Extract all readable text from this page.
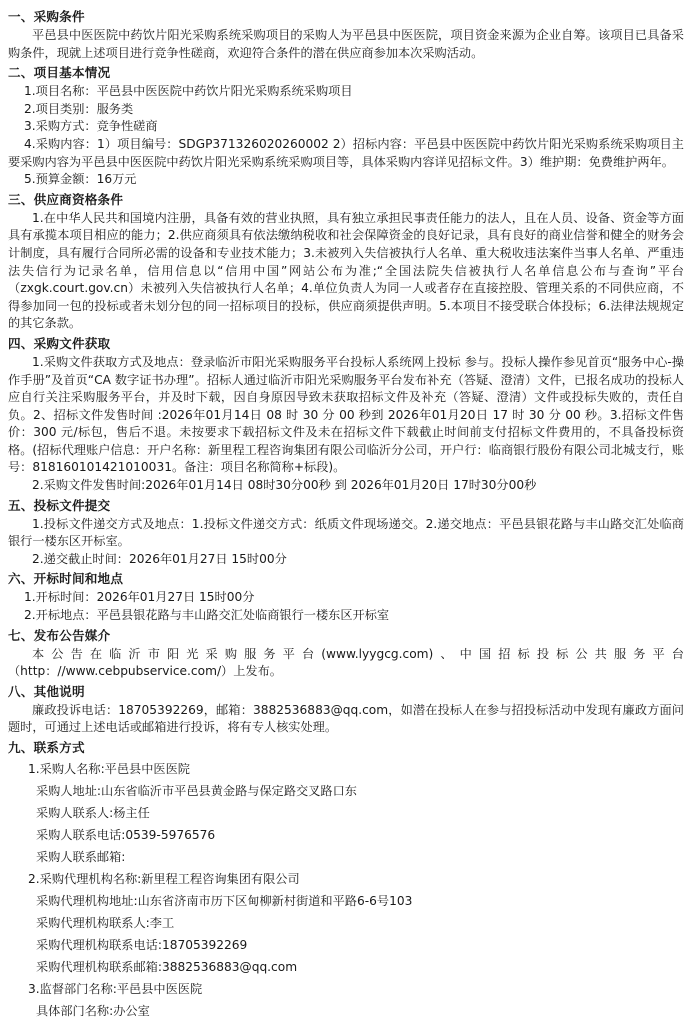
一、采购条件

平邑县中医医院中药饮片阳光采购系统采购项目的采购人为平邑县中医医院，项目资金来源为企业自筹。该项目已具备采购条件，现就上述项目进行竞争性磋商，欢迎符合条件的潜在供应商参加本次采购活动。

二、项目基本情况

1.项目名称：平邑县中医医院中药饮片阳光采购系统采购项目

2.项目类别：服务类

3.采购方式：竞争性磋商

4.采购内容：1）项目编号：SDGP371326020260002 2）招标内容：平邑县中医医院中药饮片阳光采购系统采购项目主要采购内容为平邑县中医医院中药饮片阳光采购系统采购项目等，具体采购内容详见招标文件。3）维护期：免费维护两年。

5.预算金额：16万元

三、供应商资格条件

1.在中华人民共和国境内注册，具备有效的营业执照，具有独立承担民事责任能力的法人，且在人员、设备、资金等方面具有承揽本项目相应的能力；2.供应商须具有依法缴纳税收和社会保障资金的良好记录，具有良好的商业信誉和健全的财务会计制度，具有履行合同所必需的设备和专业技术能力；3.未被列入失信被执行人名单、重大税收违法案件当事人名单、严重违法失信行为记录名单，信用信息以“信用中国”网站公布为准;“全国法院失信被执行人名单信息公布与查询”平台（zxgk.court.gov.cn）未被列入失信被执行人名单；4.单位负责人为同一人或者存在直接控股、管理关系的不同供应商，不得参加同一包的投标或者未划分包的同一招标项目的投标，供应商须提供声明。5.本项目不接受联合体投标；6.法律法规规定的其它条款。

四、采购文件获取

1.采购文件获取方式及地点：登录临沂市阳光采购服务平台投标人系统网上投标 参与。投标人操作参见首页“服务中心-操作手册”及首页“CA 数字证书办理”。招标人通过临沂市阳光采购服务平台发布补充（答疑、澄清）文件，已报名成功的投标人应自行关注采购服务平台，并及时下载，因自身原因导致未获取招标文件及补充（答疑、澄清）文件或投标失败的，责任自负。2、招标文件发售时间 :2026年01月14日 08 时 30 分 00 秒到 2026年01月20日 17 时 30 分 00 秒。3.招标文件售价：300 元/标包，售后不退。未按要求下载招标文件及未在招标文件下载截止时间前支付招标文件费用的，不具备投标资格。(招标代理账户信息：开户名称：新里程工程咨询集团有限公司临沂分公司，开户行：临商银行股份有限公司北城支行，账号：818160101421010031。备注：项目名称简称+标段)。

2.采购文件发售时间:2026年01月14日 08时30分00秒 到 2026年01月20日 17时30分00秒

五、投标文件提交

1.投标文件递交方式及地点：1.投标文件递交方式：纸质文件现场递交。2.递交地点：平邑县银花路与丰山路交汇处临商银行一楼东区开标室。

2.递交截止时间：2026年01月27日 15时00分

六、开标时间和地点

1.开标时间：2026年01月27日 15时00分

2.开标地点：平邑县银花路与丰山路交汇处临商银行一楼东区开标室

七、发布公告媒介

本公告在临沂市阳光采购服务平台(www.lyygcg.com)、中国招标投标公共服务平台（http：//www.cebpubservice.com/）上发布。

八、其他说明

廉政投诉电话：18705392269，邮箱：3882536883@qq.com，如潜在投标人在参与招投标活动中发现有廉政方面问题时，可通过上述电话或邮箱进行投诉，将有专人核实处理。

九、联系方式
1.采购人名称:平邑县中医医院
采购人地址:山东省临沂市平邑县黄金路与保定路交叉路口东
采购人联系人:杨主任
采购人联系电话:0539-5976576
采购人联系邮箱:
2.采购代理机构名称:新里程工程咨询集团有限公司
采购代理机构地址:山东省济南市历下区甸柳新村街道和平路6-6号103
采购代理机构联系人:李工
采购代理机构联系电话:18705392269
采购代理机构联系邮箱:3882536883@qq.com
3.监督部门名称:平邑县中医医院
具体部门名称:办公室
